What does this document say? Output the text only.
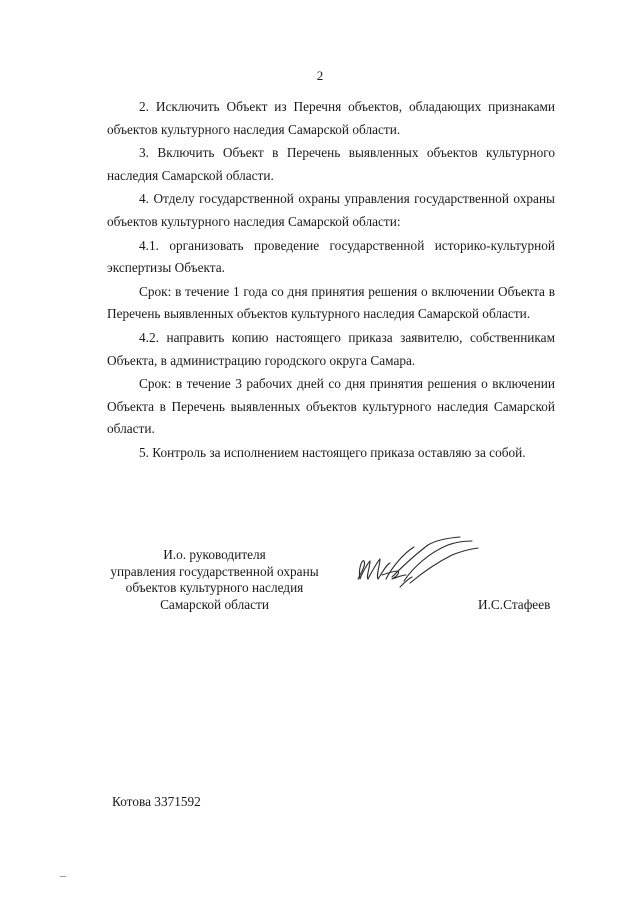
2

2. Исключить Объект из Перечня объектов, обладающих признаками объектов культурного наследия Самарской области.

3. Включить Объект в Перечень выявленных объектов культурного наследия Самарской области.

4. Отделу государственной охраны управления государственной охраны объектов культурного наследия Самарской области:

4.1. организовать проведение государственной историко-культурной экспертизы Объекта.

Срок: в течение 1 года со дня принятия решения о включении Объекта в Перечень выявленных объектов культурного наследия Самарской области.

4.2. направить копию настоящего приказа заявителю, собственникам Объекта, в администрацию городского округа Самара.

Срок: в течение 3 рабочих дней со дня принятия решения о включении Объекта в Перечень выявленных объектов культурного наследия Самарской области.

5. Контроль за исполнением настоящего приказа оставляю за собой.

И.о. руководителя
управления государственной охраны
объектов культурного наследия
Самарской области	И.С.Стафеев
Котова 3371592
